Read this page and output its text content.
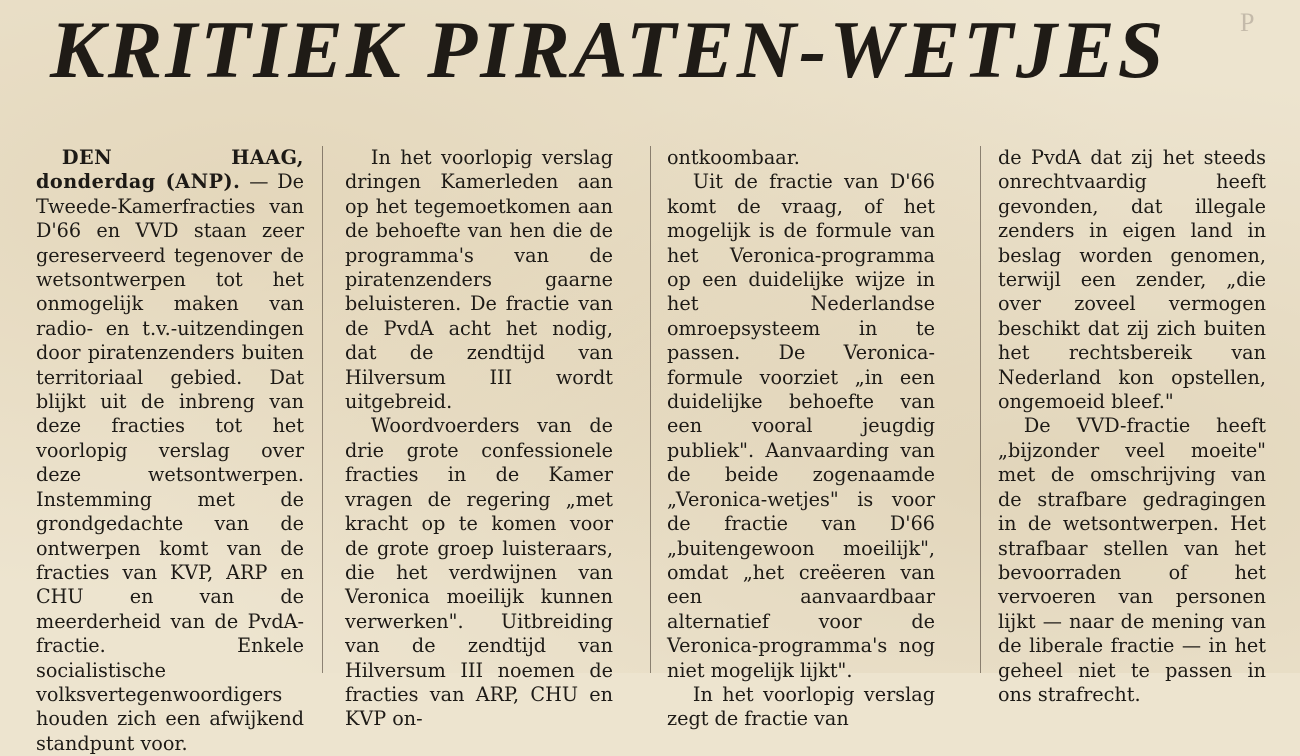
KRITIEK PIRATEN-WETJES	P

DEN HAAG, donderdag (ANP). — De Tweede-Kamerfracties van D'66 en VVD staan zeer gereserveerd tegenover de wetsontwerpen tot het onmogelijk maken van radio- en t.v.-uitzendingen door piratenzenders buiten territoriaal gebied. Dat blijkt uit de inbreng van deze fracties tot het voorlopig verslag over deze wetsontwerpen. Instemming met de grondgedachte van de ontwerpen komt van de fracties van KVP, ARP en CHU en van de meerderheid van de PvdA-fractie. Enkele socialistische volksvertegenwoordigers houden zich een afwijkend standpunt voor.

In het voorlopig verslag dringen Kamerleden aan op het tegemoetkomen aan de behoefte van hen die de programma's van de piratenzenders gaarne beluisteren. De fractie van de PvdA acht het nodig, dat de zendtijd van Hilversum III wordt uitgebreid.

Woordvoerders van de drie grote confessionele fracties in de Kamer vragen de regering „met kracht op te komen voor de grote groep luisteraars, die het verdwijnen van Veronica moeilijk kunnen verwerken". Uitbreiding van de zendtijd van Hilversum III noemen de fracties van ARP, CHU en KVP on-

ontkoombaar.

Uit de fractie van D'66 komt de vraag, of het mogelijk is de formule van het Veronica-programma op een duidelijke wijze in het Nederlandse omroepsysteem in te passen. De Veronica-formule voorziet „in een duidelijke behoefte van een vooral jeugdig publiek". Aanvaarding van de beide zogenaamde „Veronica-wetjes" is voor de fractie van D'66 „buitengewoon moeilijk", omdat „het creëeren van een aanvaardbaar alternatief voor de Veronica-programma's nog niet mogelijk lijkt".

In het voorlopig verslag zegt de fractie van

de PvdA dat zij het steeds onrechtvaardig heeft gevonden, dat illegale zenders in eigen land in beslag worden genomen, terwijl een zender, „die over zoveel vermogen beschikt dat zij zich buiten het rechtsbereik van Nederland kon opstellen, ongemoeid bleef."

De VVD-fractie heeft „bijzonder veel moeite" met de omschrijving van de strafbare gedragingen in de wetsontwerpen. Het strafbaar stellen van het bevoorraden of het vervoeren van personen lijkt — naar de mening van de liberale fractie — in het geheel niet te passen in ons strafrecht.
